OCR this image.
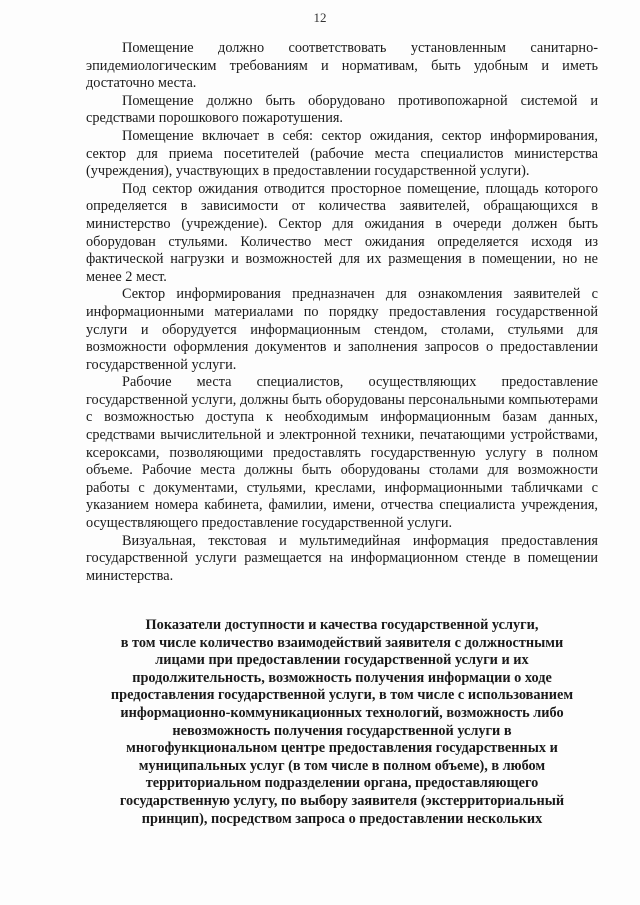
12

Помещение должно соответствовать установленным санитарно-эпидемиологическим требованиям и нормативам, быть удобным и иметь достаточно места.

Помещение должно быть оборудовано противопожарной системой и средствами порошкового пожаротушения.

Помещение включает в себя: сектор ожидания, сектор информирования, сектор для приема посетителей (рабочие места специалистов министерства (учреждения), участвующих в предоставлении государственной услуги).

Под сектор ожидания отводится просторное помещение, площадь которого определяется в зависимости от количества заявителей, обращающихся в министерство (учреждение). Сектор для ожидания в очереди должен быть оборудован стульями. Количество мест ожидания определяется исходя из фактической нагрузки и возможностей для их размещения в помещении, но не менее 2 мест.

Сектор информирования предназначен для ознакомления заявителей с информационными материалами по порядку предоставления государственной услуги и оборудуется информационным стендом, столами, стульями для возможности оформления документов и заполнения запросов о предоставлении государственной услуги.

Рабочие места специалистов, осуществляющих предоставление государственной услуги, должны быть оборудованы персональными компьютерами с возможностью доступа к необходимым информационным базам данных, средствами вычислительной и электронной техники, печатающими устройствами, ксероксами, позволяющими предоставлять государственную услугу в полном объеме. Рабочие места должны быть оборудованы столами для возможности работы с документами, стульями, креслами, информационными табличками с указанием номера кабинета, фамилии, имени, отчества специалиста учреждения, осуществляющего предоставление государственной услуги.

Визуальная, текстовая и мультимедийная информация предоставления государственной услуги размещается на информационном стенде в помещении министерства.

Показатели доступности и качества государственной услуги,
в том числе количество взаимодействий заявителя с должностными
лицами при предоставлении государственной услуги и их
продолжительность, возможность получения информации о ходе
предоставления государственной услуги, в том числе с использованием
информационно-коммуникационных технологий, возможность либо
невозможность получения государственной услуги в
многофункциональном центре предоставления государственных и
муниципальных услуг (в том числе в полном объеме), в любом
территориальном подразделении органа, предоставляющего
государственную услугу, по выбору заявителя (экстерриториальный
принцип), посредством запроса о предоставлении нескольких
